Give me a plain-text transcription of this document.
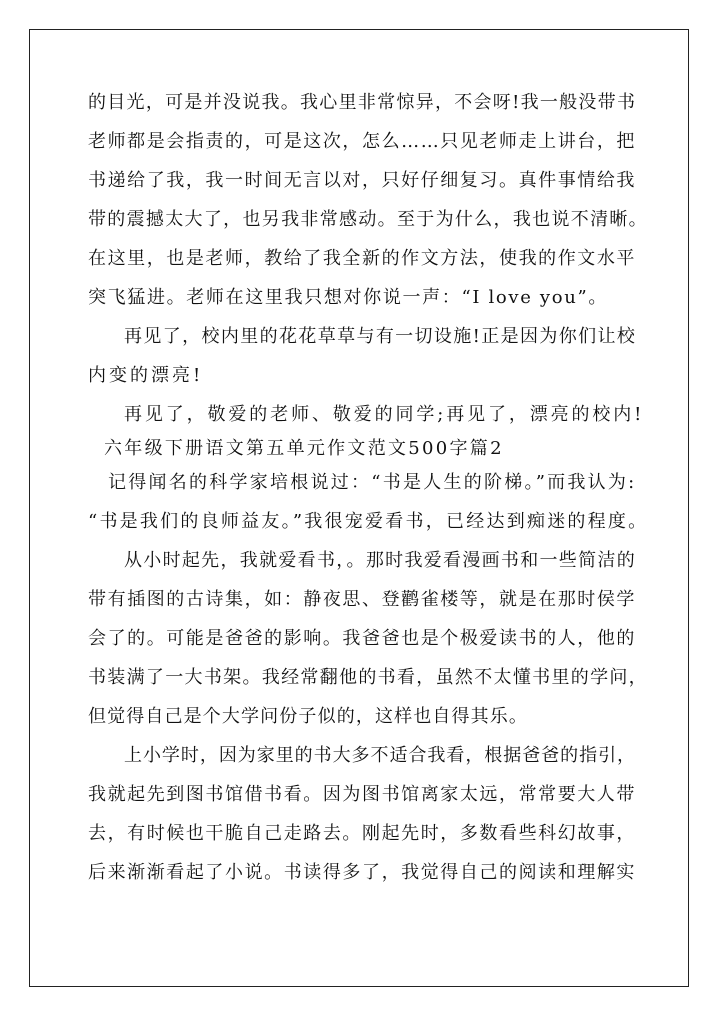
的目光，可是并没说我。我心里非常惊异，不会呀!我一般没带书
老师都是会指责的，可是这次，怎么……只见老师走上讲台，把
书递给了我，我一时间无言以对，只好仔细复习。真件事情给我
带的震撼太大了，也另我非常感动。至于为什么，我也说不清晰。
在这里，也是老师，教给了我全新的作文方法，使我的作文水平
突飞猛进。老师在这里我只想对你说一声：“I love you”。
再见了，校内里的花花草草与有一切设施!正是因为你们让校
内变的漂亮!
再见了，敬爱的老师、敬爱的同学;再见了，漂亮的校内!
六年级下册语文第五单元作文范文500字篇2
记得闻名的科学家培根说过：“书是人生的阶梯。”而我认为:
“书是我们的良师益友。”我很宠爱看书，已经达到痴迷的程度。
从小时起先，我就爱看书，。那时我爱看漫画书和一些简洁的
带有插图的古诗集，如：静夜思、登鹳雀楼等，就是在那时侯学
会了的。可能是爸爸的影响。我爸爸也是个极爱读书的人，他的
书装满了一大书架。我经常翻他的书看，虽然不太懂书里的学问，
但觉得自己是个大学问份子似的，这样也自得其乐。
上小学时，因为家里的书大多不适合我看，根据爸爸的指引，
我就起先到图书馆借书看。因为图书馆离家太远，常常要大人带
去，有时候也干脆自己走路去。刚起先时，多数看些科幻故事，
后来渐渐看起了小说。书读得多了，我觉得自己的阅读和理解实
